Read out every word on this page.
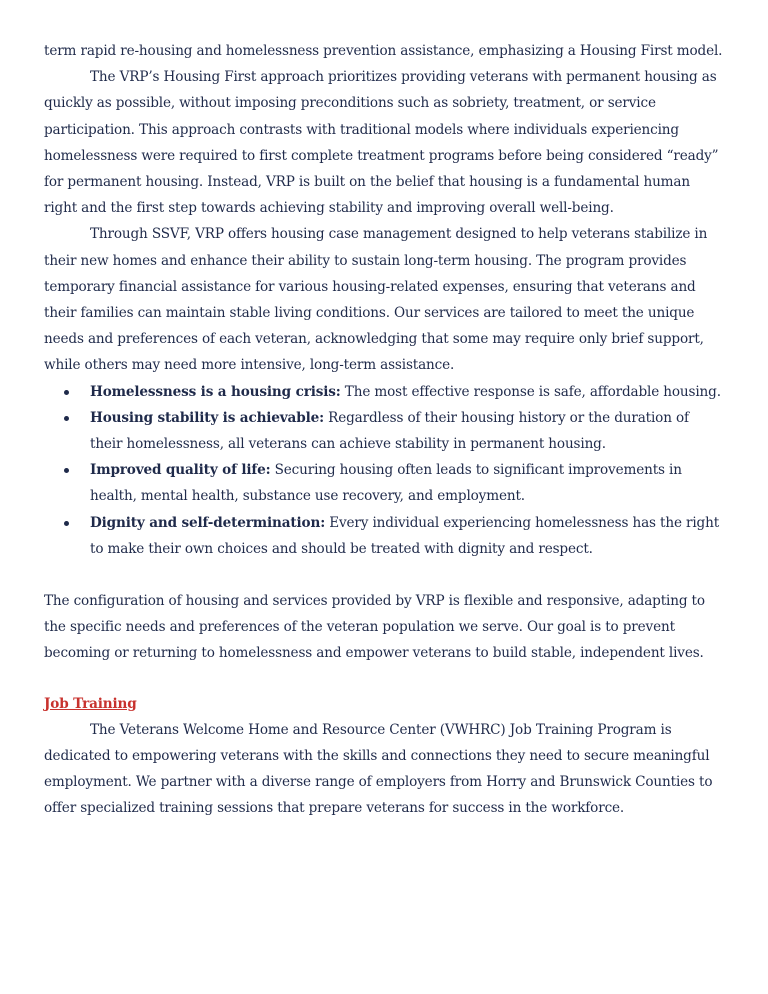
term rapid re-housing and homelessness prevention assistance, emphasizing a Housing First model.

The VRP’s Housing First approach prioritizes providing veterans with permanent housing as quickly as possible, without imposing preconditions such as sobriety, treatment, or service participation. This approach contrasts with traditional models where individuals experiencing homelessness were required to first complete treatment programs before being considered “ready” for permanent housing. Instead, VRP is built on the belief that housing is a fundamental human right and the first step towards achieving stability and improving overall well-being.

Through SSVF, VRP offers housing case management designed to help veterans stabilize in their new homes and enhance their ability to sustain long-term housing. The program provides temporary financial assistance for various housing-related expenses, ensuring that veterans and their families can maintain stable living conditions. Our services are tailored to meet the unique needs and preferences of each veteran, acknowledging that some may require only brief support, while others may need more intensive, long-term assistance.

Homelessness is a housing crisis: The most effective response is safe, affordable housing.
Housing stability is achievable: Regardless of their housing history or the duration of their homelessness, all veterans can achieve stability in permanent housing.
Improved quality of life: Securing housing often leads to significant improvements in health, mental health, substance use recovery, and employment.
Dignity and self-determination: Every individual experiencing homelessness has the right to make their own choices and should be treated with dignity and respect.

The configuration of housing and services provided by VRP is flexible and responsive, adapting to the specific needs and preferences of the veteran population we serve. Our goal is to prevent becoming or returning to homelessness and empower veterans to build stable, independent lives.

Job Training

The Veterans Welcome Home and Resource Center (VWHRC) Job Training Program is dedicated to empowering veterans with the skills and connections they need to secure meaningful employment. We partner with a diverse range of employers from Horry and Brunswick Counties to offer specialized training sessions that prepare veterans for success in the workforce.
